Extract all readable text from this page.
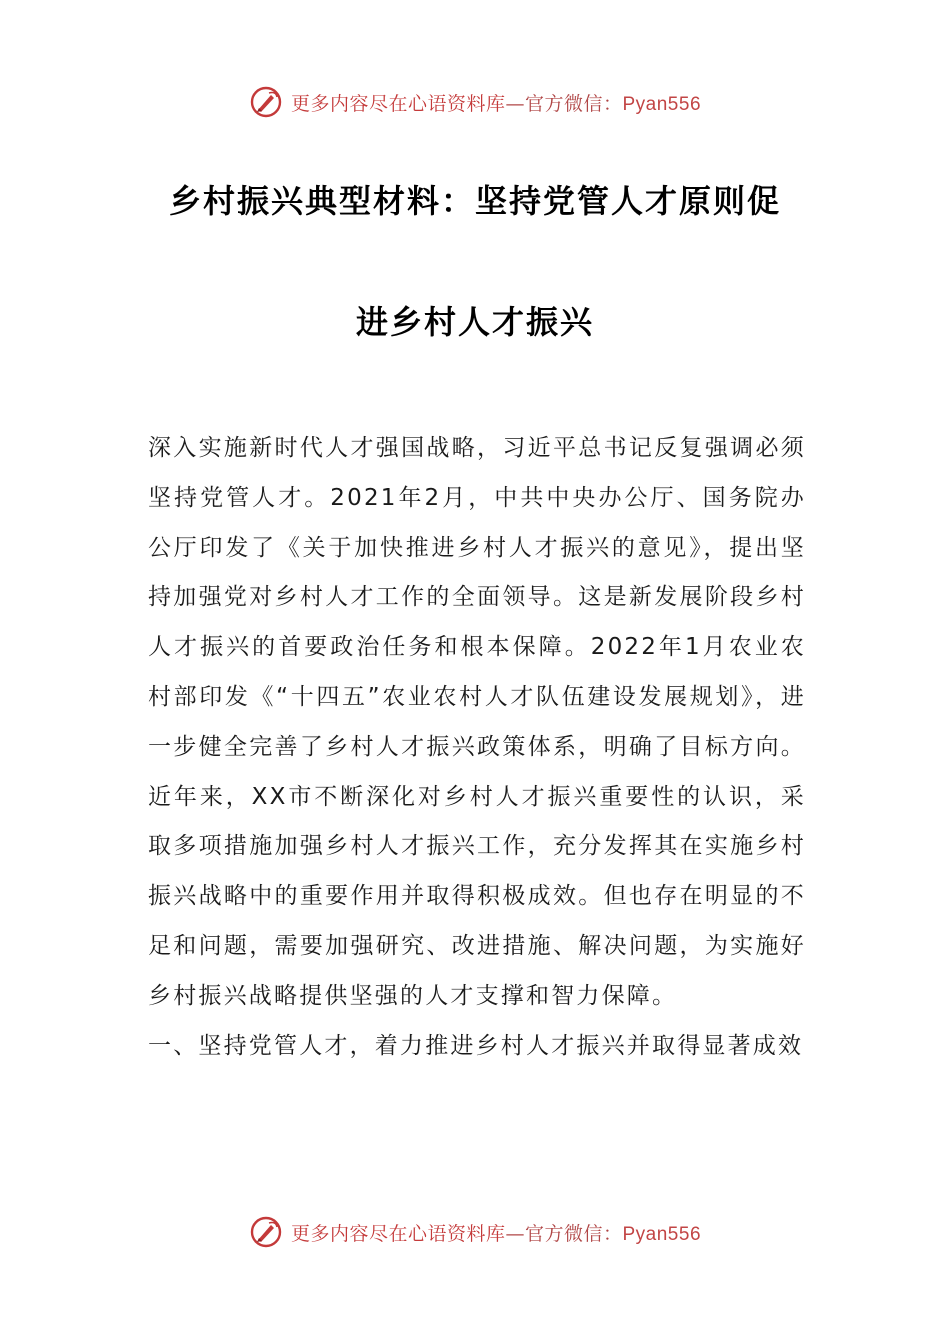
更多内容尽在心语资料库—官方微信：Pyan556
乡村振兴典型材料：坚持党管人才原则促
进乡村人才振兴

深入实施新时代人才强国战略，习近平总书记反复强调必须坚持党管人才。2021年2月，中共中央办公厅、国务院办公厅印发了《关于加快推进乡村人才振兴的意见》，提出坚持加强党对乡村人才工作的全面领导。这是新发展阶段乡村人才振兴的首要政治任务和根本保障。2022年1月农业农村部印发《“十四五”农业农村人才队伍建设发展规划》，进一步健全完善了乡村人才振兴政策体系，明确了目标方向。近年来，XX市不断深化对乡村人才振兴重要性的认识，采取多项措施加强乡村人才振兴工作，充分发挥其在实施乡村振兴战略中的重要作用并取得积极成效。但也存在明显的不足和问题，需要加强研究、改进措施、解决问题，为实施好乡村振兴战略提供坚强的人才支撑和智力保障。

一、坚持党管人才，着力推进乡村人才振兴并取得显著成效

更多内容尽在心语资料库—官方微信：Pyan556
